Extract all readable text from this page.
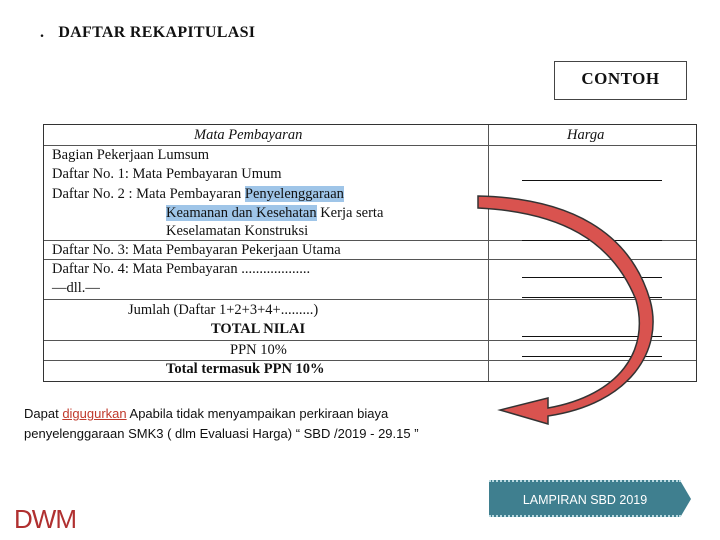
. DAFTAR REKAPITULASI
CONTOH
Mata Pembayaran	Harga
Bagian Pekerjaan Lumsum
Daftar No. 1: Mata Pembayaran Umum
Daftar No. 2 : Mata Pembayaran Penyelenggaraan
Keamanan dan Kesehatan Kerja serta
Keselamatan Konstruksi
Daftar No. 3: Mata Pembayaran Pekerjaan Utama
Daftar No. 4: Mata Pembayaran ...................
—dll.—
Jumlah (Daftar 1+2+3+4+.........)
TOTAL NILAI
PPN 10%
Total termasuk PPN 10%
Dapat digugurkan Apabila tidak menyampaikan perkiraan biaya
penyelenggaraan SMK3 ( dlm Evaluasi Harga) “ SBD /2019 - 29.15 ”
LAMPIRAN SBD 2019
DWM
